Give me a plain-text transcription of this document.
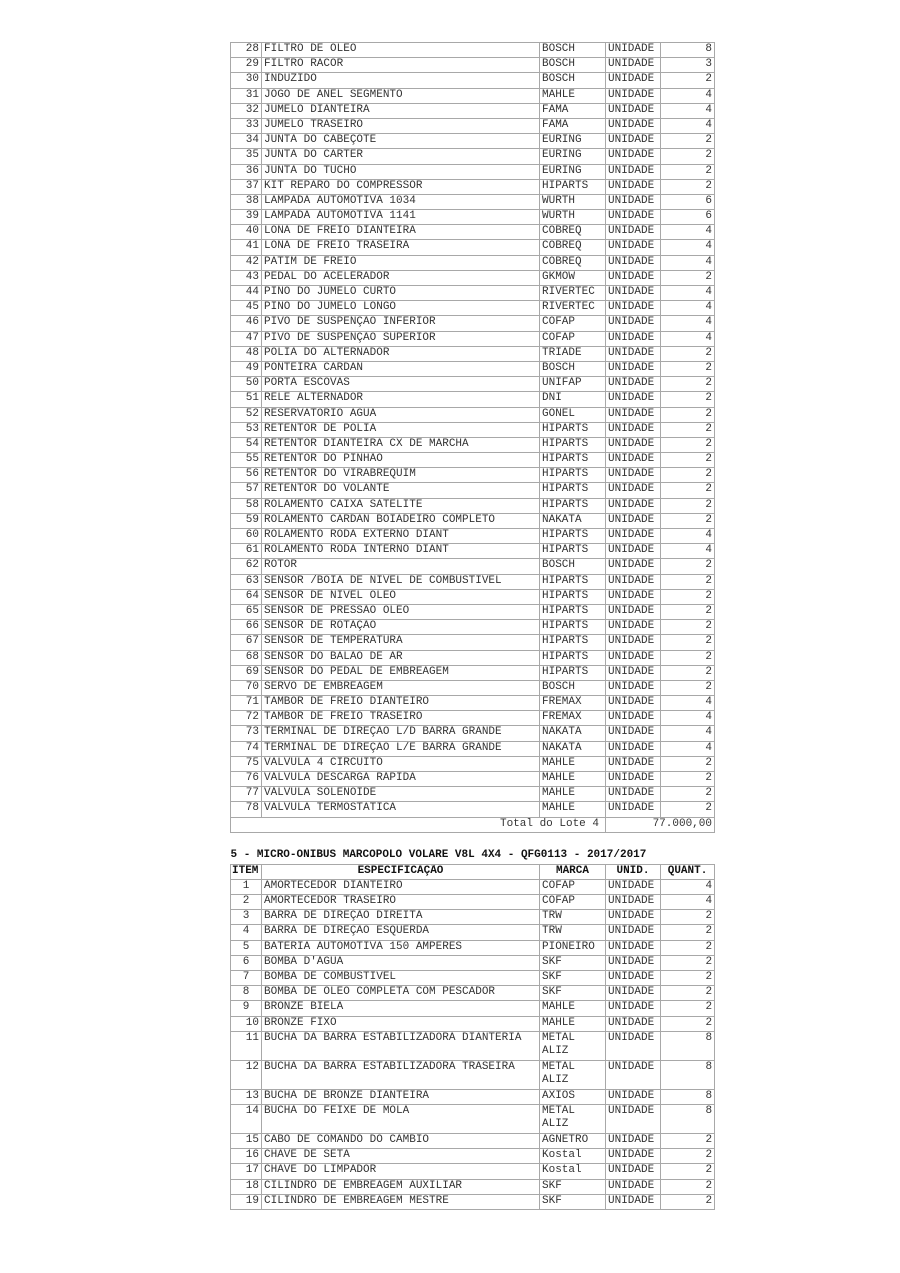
28	FILTRO DE OLEO	BOSCH	UNIDADE	8
29	FILTRO RACOR	BOSCH	UNIDADE	3
30	INDUZIDO	BOSCH	UNIDADE	2
31	JOGO DE ANEL SEGMENTO	MAHLE	UNIDADE	4
32	JUMELO DIANTEIRA	FAMA	UNIDADE	4
33	JUMELO TRASEIRO	FAMA	UNIDADE	4
34	JUNTA DO CABEÇOTE	EURING	UNIDADE	2
35	JUNTA DO CARTER	EURING	UNIDADE	2
36	JUNTA DO TUCHO	EURING	UNIDADE	2
37	KIT REPARO DO COMPRESSOR	HIPARTS	UNIDADE	2
38	LAMPADA AUTOMOTIVA 1034	WURTH	UNIDADE	6
39	LAMPADA AUTOMOTIVA 1141	WURTH	UNIDADE	6
40	LONA DE FREIO DIANTEIRA	COBREQ	UNIDADE	4
41	LONA DE FREIO TRASEIRA	COBREQ	UNIDADE	4
42	PATIM DE FREIO	COBREQ	UNIDADE	4
43	PEDAL DO ACELERADOR	GKMOW	UNIDADE	2
44	PINO DO JUMELO CURTO	RIVERTEC	UNIDADE	4
45	PINO DO JUMELO LONGO	RIVERTEC	UNIDADE	4
46	PIVO DE SUSPENÇÃO INFERIOR	COFAP	UNIDADE	4
47	PIVO DE SUSPENÇÃO SUPERIOR	COFAP	UNIDADE	4
48	POLIA DO ALTERNADOR	TRIADE	UNIDADE	2
49	PONTEIRA CARDAN	BOSCH	UNIDADE	2
50	PORTA ESCOVAS	UNIFAP	UNIDADE	2
51	RELE ALTERNADOR	DNI	UNIDADE	2
52	RESERVATORIO AGUA	GONEL	UNIDADE	2
53	RETENTOR DE POLIA	HIPARTS	UNIDADE	2
54	RETENTOR DIANTEIRA CX DE MARCHA	HIPARTS	UNIDADE	2
55	RETENTOR DO PINHÃO	HIPARTS	UNIDADE	2
56	RETENTOR DO VIRABREQUIM	HIPARTS	UNIDADE	2
57	RETENTOR DO VOLANTE	HIPARTS	UNIDADE	2
58	ROLAMENTO CAIXA SATELITE	HIPARTS	UNIDADE	2
59	ROLAMENTO CARDAN BOIADEIRO COMPLETO	NAKATA	UNIDADE	2
60	ROLAMENTO RODA EXTERNO DIANT	HIPARTS	UNIDADE	4
61	ROLAMENTO RODA INTERNO DIANT	HIPARTS	UNIDADE	4
62	ROTOR	BOSCH	UNIDADE	2
63	SENSOR /BOIA DE NIVEL DE COMBUSTIVEL	HIPARTS	UNIDADE	2
64	SENSOR DE NIVEL ÓLEO	HIPARTS	UNIDADE	2
65	SENSOR DE PRESSÃO OLEO	HIPARTS	UNIDADE	2
66	SENSOR DE ROTAÇÃO	HIPARTS	UNIDADE	2
67	SENSOR DE TEMPERATURA	HIPARTS	UNIDADE	2
68	SENSOR DO BALÃO DE AR	HIPARTS	UNIDADE	2
69	SENSOR DO PEDAL DE EMBREAGEM	HIPARTS	UNIDADE	2
70	SERVO DE EMBREAGEM	BOSCH	UNIDADE	2
71	TAMBOR DE FREIO DIANTEIRO	FREMAX	UNIDADE	4
72	TAMBOR DE FREIO TRASEIRO	FREMAX	UNIDADE	4
73	TERMINAL DE DIREÇÃO L/D BARRA GRANDE	NAKATA	UNIDADE	4
74	TERMINAL DE DIREÇÃO L/E BARRA GRANDE	NAKATA	UNIDADE	4
75	VALVULA 4 CIRCUITO	MAHLE	UNIDADE	2
76	VÁLVULA DESCARGA RÁPIDA	MAHLE	UNIDADE	2
77	VÁLVULA SOLENOIDE	MAHLE	UNIDADE	2
78	VALVULA TERMOSTATICA	MAHLE	UNIDADE	2
Total do Lote 4			77.000,00	
5 - MICRO-ONIBUS MARCOPOLO VOLARE V8L 4X4 - QFG0113 - 2017/2017				
ITEM	ESPECIFICAÇÃO	MARCA	UNID.	QUANT.
1	AMORTECEDOR DIANTEIRO	COFAP	UNIDADE	4
2	AMORTECEDOR TRASEIRO	COFAP	UNIDADE	4
3	BARRA DE DIREÇÃO DIREITA	TRW	UNIDADE	2
4	BARRA DE DIREÇÃO ESQUERDA	TRW	UNIDADE	2
5	BATERIA AUTOMOTIVA 150 AMPERES	PIONEIRO	UNIDADE	2
6	BOMBA D'ÁGUA	SKF	UNIDADE	2
7	BOMBA DE COMBUSTIVEL	SKF	UNIDADE	2
8	BOMBA DE OLEO COMPLETA COM PESCADOR	SKF	UNIDADE	2
9	BRONZE BIELA	MAHLE	UNIDADE	2
10	BRONZE FIXO	MAHLE	UNIDADE	2
11	BUCHA DA BARRA ESTABILIZADORA DIANTERIA	METAL ALIZ	UNIDADE	8
12	BUCHA DA BARRA ESTABILIZADORA TRASEIRA	METAL ALIZ	UNIDADE	8
13	BUCHA DE BRONZE DIANTEIRA	AXIOS	UNIDADE	8
14	BUCHA DO FEIXE DE MOLA	METAL ALIZ	UNIDADE	8
15	CABO DE COMANDO DO CAMBIO	AGNETRO	UNIDADE	2
16	CHAVE DE SETA	Kostal	UNIDADE	2
17	CHAVE DO LIMPADOR	Kostal	UNIDADE	2
18	CILINDRO DE EMBREAGEM AUXILIAR	SKF	UNIDADE	2
19	CILINDRO DE EMBREAGEM MESTRE	SKF	UNIDADE	2
